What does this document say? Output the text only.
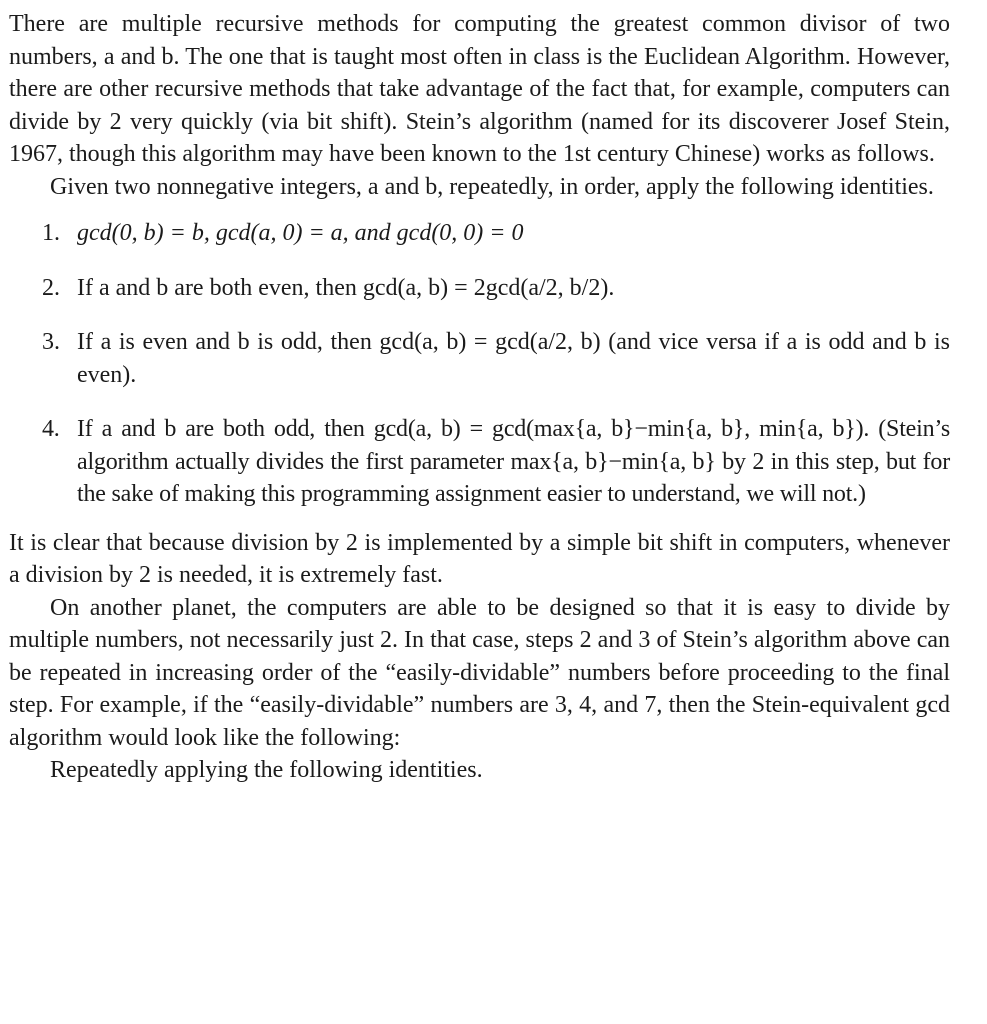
There are multiple recursive methods for computing the greatest common divisor of two numbers, a and b. The one that is taught most often in class is the Euclidean Algorithm. However, there are other recursive methods that take advantage of the fact that, for example, computers can divide by 2 very quickly (via bit shift). Stein’s algorithm (named for its discoverer Josef Stein, 1967, though this algorithm may have been known to the 1st century Chinese) works as follows.

Given two nonnegative integers, a and b, repeatedly, in order, apply the following identities.

1. gcd(0, b) = b, gcd(a, 0) = a, and gcd(0, 0) = 0
2. If a and b are both even, then gcd(a, b) = 2gcd(a/2, b/2).
3. If a is even and b is odd, then gcd(a, b) = gcd(a/2, b) (and vice versa if a is odd and b is even).
4. If a and b are both odd, then gcd(a, b) = gcd(max{a, b}−min{a, b}, min{a, b}). (Stein’s algorithm actually divides the first parameter max{a, b}−min{a, b} by 2 in this step, but for the sake of making this programming assignment easier to understand, we will not.)

It is clear that because division by 2 is implemented by a simple bit shift in computers, whenever a division by 2 is needed, it is extremely fast.

On another planet, the computers are able to be designed so that it is easy to divide by multiple numbers, not necessarily just 2. In that case, steps 2 and 3 of Stein’s algorithm above can be repeated in increasing order of the “easily-dividable” numbers before proceeding to the final step. For example, if the “easily-dividable” numbers are 3, 4, and 7, then the Stein-equivalent gcd algorithm would look like the following:

Repeatedly applying the following identities.
